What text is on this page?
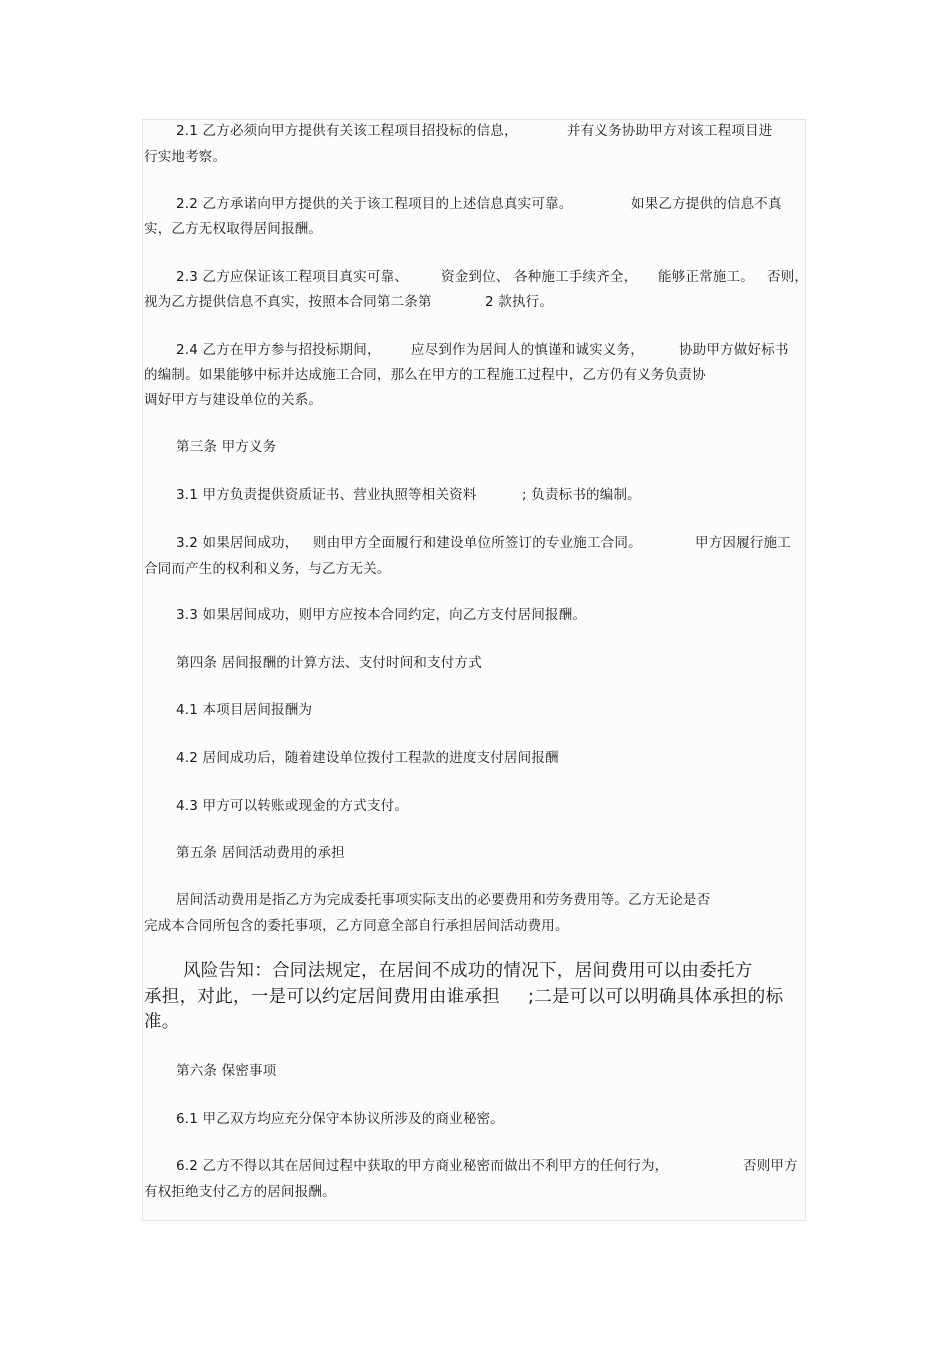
2.1 乙方必须向甲方提供有关该工程项目招投标的信息，	并有义务协助甲方对该工程项目进
行实地考察。
2.2 乙方承诺向甲方提供的关于该工程项目的上述信息真实可靠。	如果乙方提供的信息不真
实，乙方无权取得居间报酬。
2.3 乙方应保证该工程项目真实可靠、 资金到位、 各种施工手续齐全， 能够正常施工。 否则，
视为乙方提供信息不真实，按照本合同第二条第	2 款执行。
2.4 乙方在甲方参与招投标期间， 应尽到作为居间人的慎谨和诚实义务，	协助甲方做好标书
的编制。如果能够中标并达成施工合同，那么在甲方的工程施工过程中，乙方仍有义务负责协
调好甲方与建设单位的关系。
第三条 甲方义务
3.1 甲方负责提供资质证书、营业执照等相关资料	; 负责标书的编制。
3.2 如果居间成功， 则由甲方全面履行和建设单位所签订的专业施工合同。	甲方因履行施工
合同而产生的权利和义务，与乙方无关。
3.3 如果居间成功，则甲方应按本合同约定，向乙方支付居间报酬。
第四条 居间报酬的计算方法、支付时间和支付方式
4.1 本项目居间报酬为
4.2 居间成功后，随着建设单位拨付工程款的进度支付居间报酬
4.3 甲方可以转账或现金的方式支付。
第五条 居间活动费用的承担
居间活动费用是指乙方为完成委托事项实际支出的必要费用和劳务费用等。乙方无论是否
完成本合同所包含的委托事项，乙方同意全部自行承担居间活动费用。
风险告知：合同法规定，在居间不成功的情况下，居间费用可以由委托方
承担，对此，一是可以约定居间费用由谁承担 ;二是可以可以明确具体承担的标
准。
第六条 保密事项
6.1 甲乙双方均应充分保守本协议所涉及的商业秘密。
6.2 乙方不得以其在居间过程中获取的甲方商业秘密而做出不利甲方的任何行为，	否则甲方
有权拒绝支付乙方的居间报酬。
